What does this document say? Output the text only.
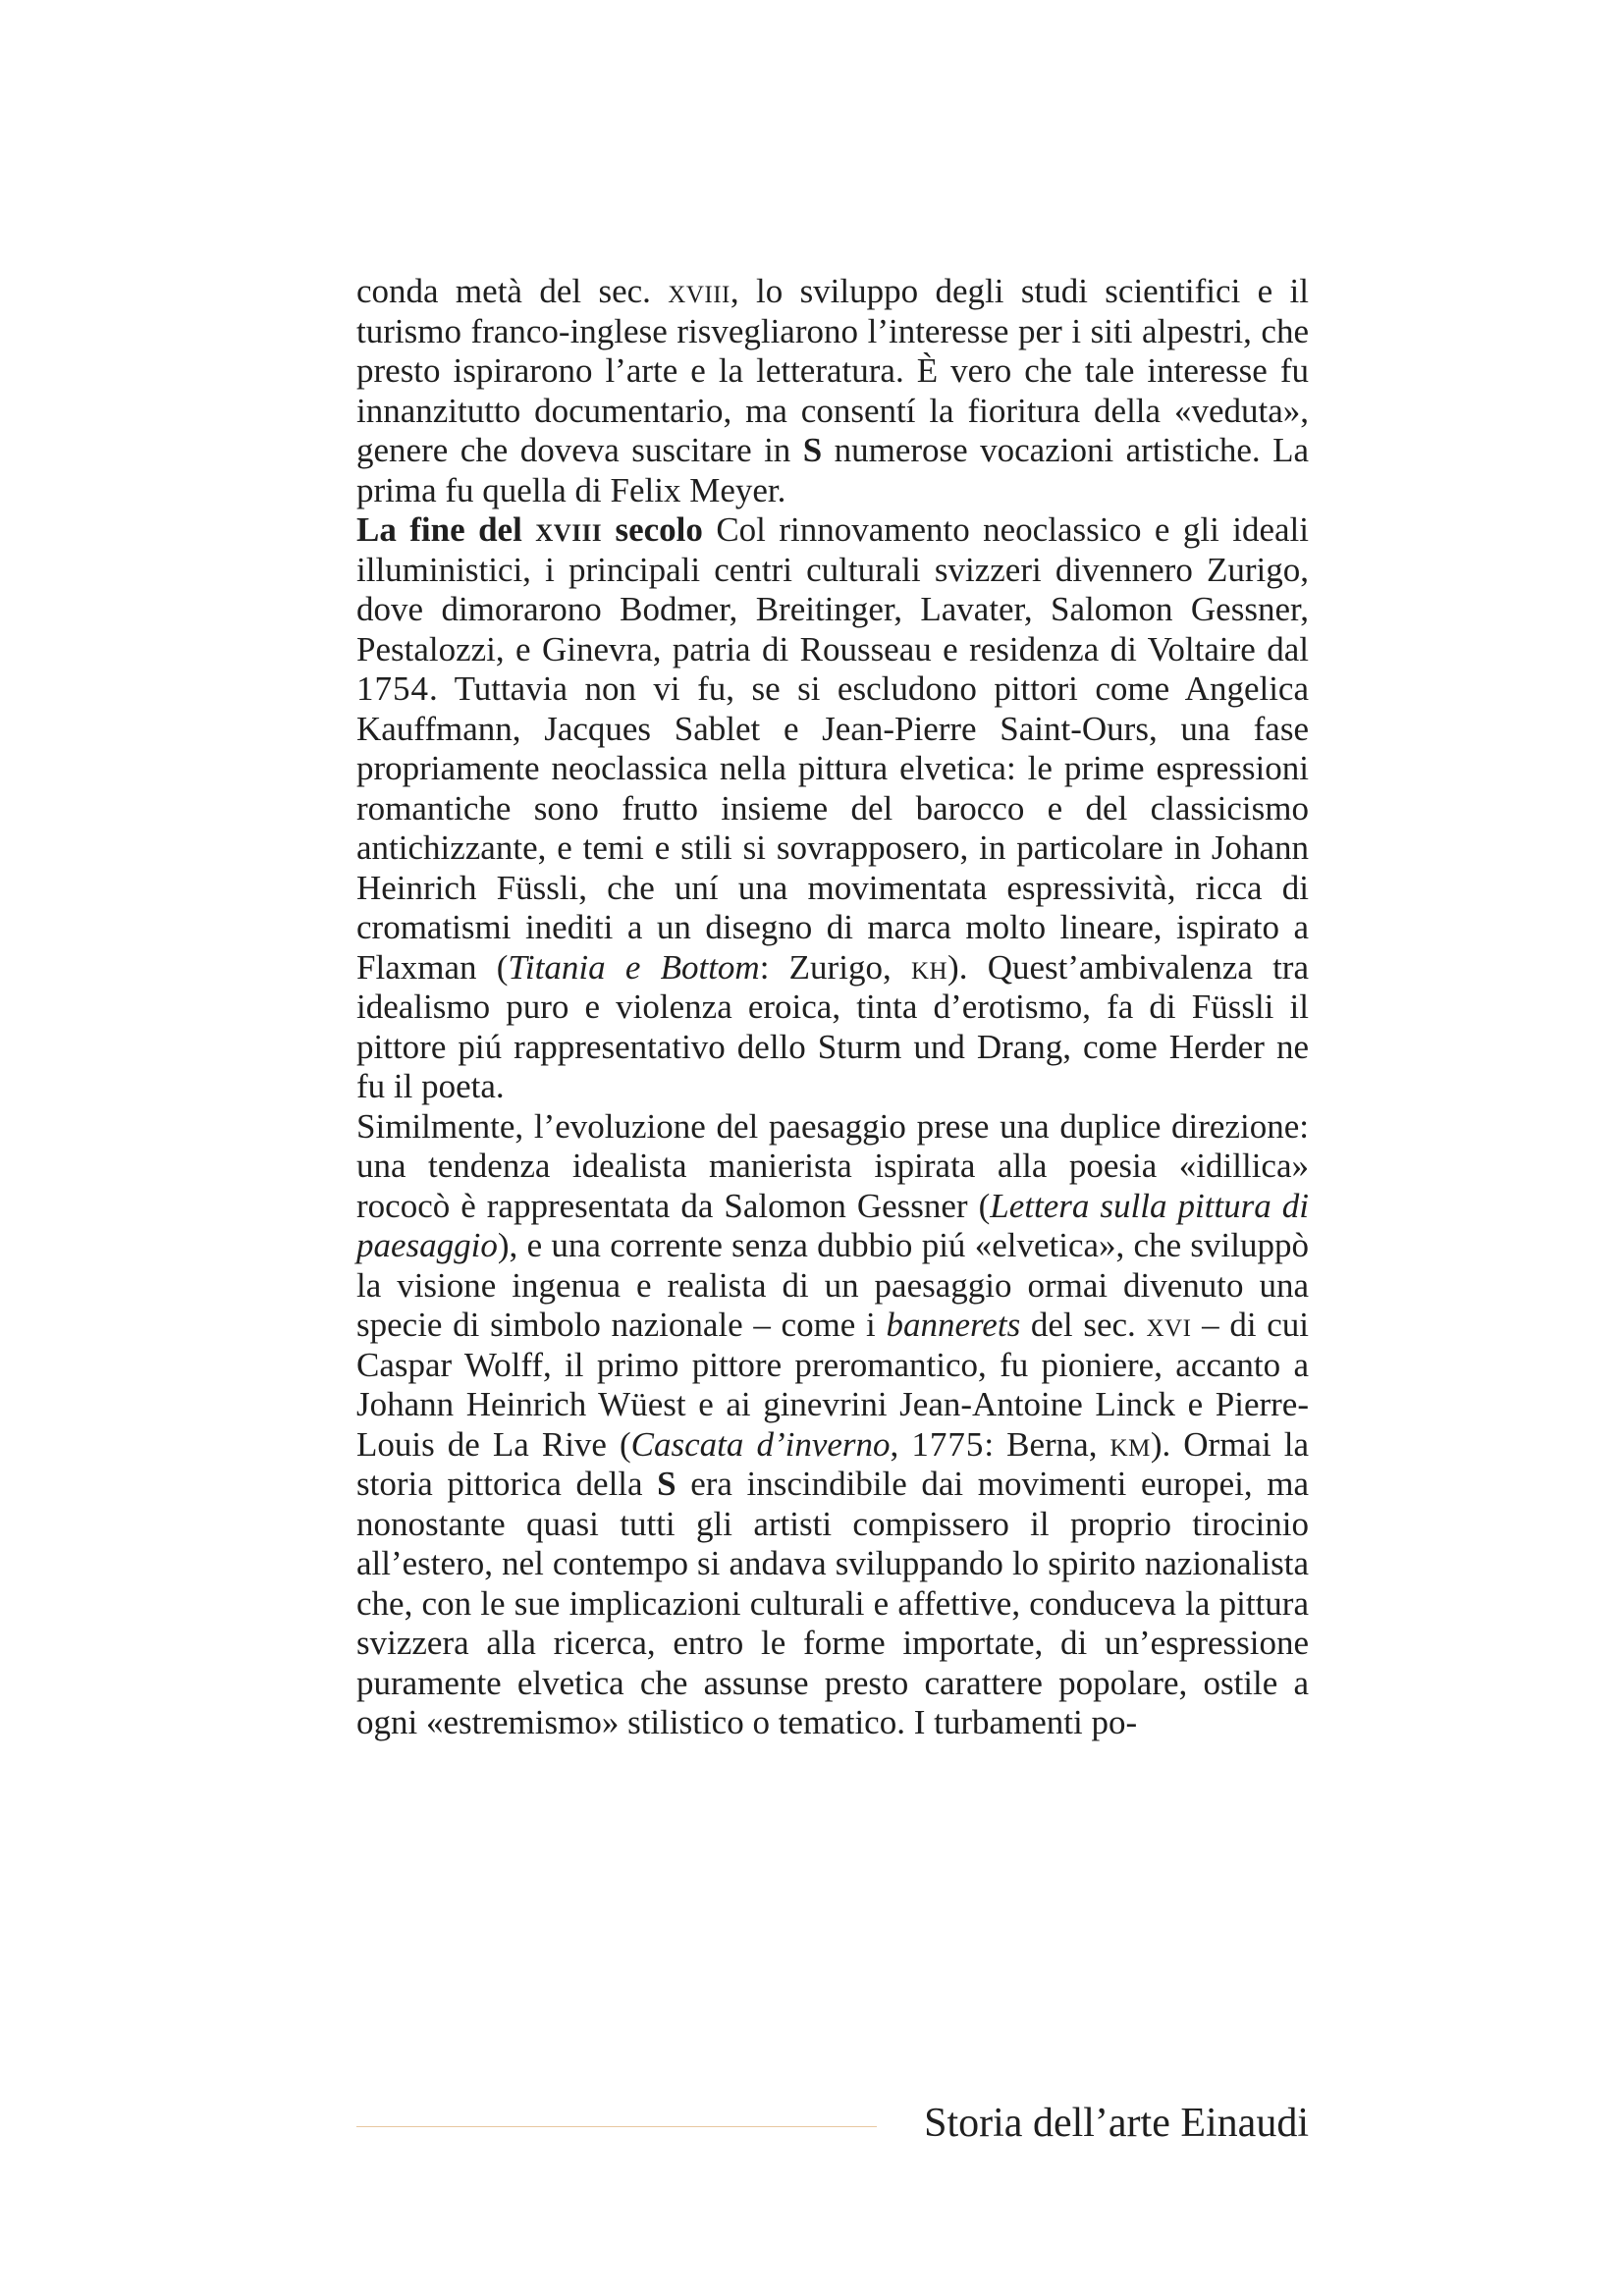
conda metà del sec. xviii, lo sviluppo degli studi scientifici e il turismo franco-inglese risvegliarono l’interesse per i siti alpestri, che presto ispirarono l’arte e la letteratura. È vero che tale interesse fu innanzitutto documentario, ma consentí la fioritura della «veduta», genere che doveva suscitare in S numerose vocazioni artistiche. La prima fu quella di Felix Meyer.

La fine del xviii secolo Col rinnovamento neoclassico e gli ideali illuministici, i principali centri culturali svizzeri divennero Zurigo, dove dimorarono Bodmer, Breitinger, Lavater, Salomon Gessner, Pestalozzi, e Ginevra, patria di Rousseau e residenza di Voltaire dal 1754. Tuttavia non vi fu, se si escludono pittori come Angelica Kauffmann, Jacques Sablet e Jean-Pierre Saint-Ours, una fase propriamente neoclassica nella pittura elvetica: le prime espressioni romantiche sono frutto insieme del barocco e del classicismo antichizzante, e temi e stili si sovrapposero, in particolare in Johann Heinrich Füssli, che uní una movimentata espressività, ricca di cromatismi inediti a un disegno di marca molto lineare, ispirato a Flaxman (Titania e Bottom: Zurigo, kh). Quest’ambivalenza tra idealismo puro e violenza eroica, tinta d’erotismo, fa di Füssli il pittore piú rappresentativo dello Sturm und Drang, come Herder ne fu il poeta.

Similmente, l’evoluzione del paesaggio prese una duplice direzione: una tendenza idealista manierista ispirata alla poesia «idillica» rococò è rappresentata da Salomon Gessner (Lettera sulla pittura di paesaggio), e una corrente senza dubbio piú «elvetica», che sviluppò la visione ingenua e realista di un paesaggio ormai divenuto una specie di simbolo nazionale – come i bannerets del sec. xvi – di cui Caspar Wolff, il primo pittore preromantico, fu pioniere, accanto a Johann Heinrich Wüest e ai ginevrini Jean-Antoine Linck e Pierre-Louis de La Rive (Cascata d’inverno, 1775: Berna, km). Ormai la storia pittorica della S era inscindibile dai movimenti europei, ma nonostante quasi tutti gli artisti compissero il proprio tirocinio all’estero, nel contempo si andava sviluppando lo spirito nazionalista che, con le sue implicazioni culturali e affettive, conduceva la pittura svizzera alla ricerca, entro le forme importate, di un’espressione puramente elvetica che assunse presto carattere popolare, ostile a ogni «estremismo» stilistico o tematico. I turbamenti po-

Storia dell’arte Einaudi
